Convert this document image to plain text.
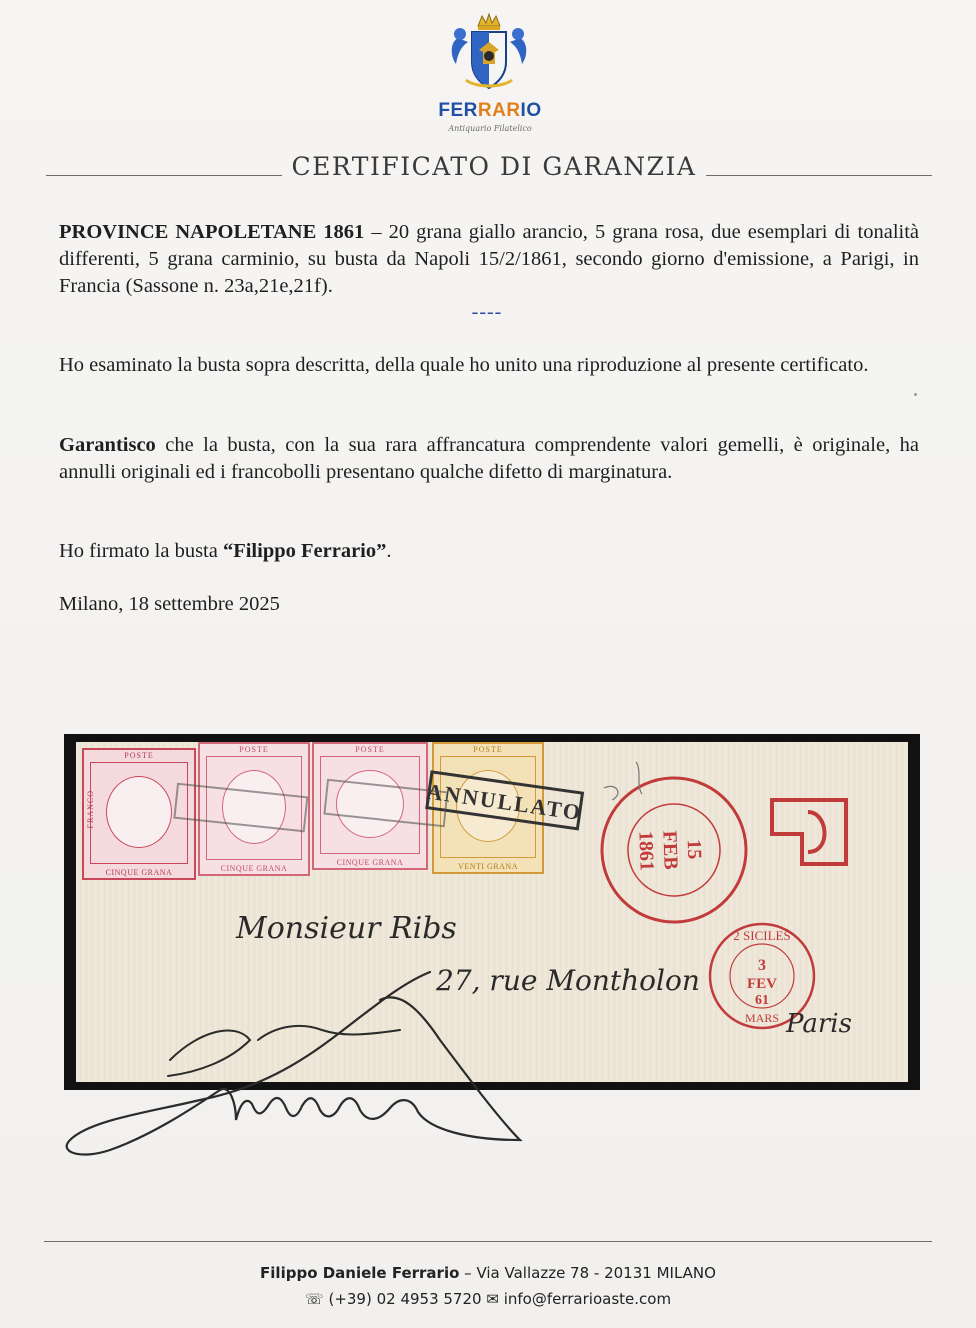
FERRARIO
Antiquario Filatelico
CERTIFICATO DI GARANZIA
PROVINCE NAPOLETANE 1861 – 20 grana giallo arancio, 5 grana rosa, due esemplari di tonalità differenti, 5 grana carminio, su busta da Napoli 15/2/1861, secondo giorno d'emissione, a Parigi, in Francia (Sassone n. 23a,21e,21f).
----
Ho esaminato la busta sopra descritta, della quale ho unito una riproduzione al presente certificato.
Garantisco che la busta, con la sua rara affrancatura comprendente valori gemelli, è originale, ha annulli originali ed i francobolli presentano qualche difetto di marginatura.
Ho firmato la busta “Filippo Ferrario”.
Milano, 18 settembre 2025
POSTE
FRANCO
CINQUE GRANA
POSTE
CINQUE GRANA
POSTE
CINQUE GRANA
POSTE
VENTI GRANA
ANNULLATO
15
FEB
1861
2 SICILES
3
FEV
61
MARS
Monsieur Ribs
27, rue Montholon
Paris
Filippo Daniele Ferrario – Via Vallazze 78 - 20131 MILANO
☏ (+39) 02 4953 5720 ✉ info@ferrarioaste.com
